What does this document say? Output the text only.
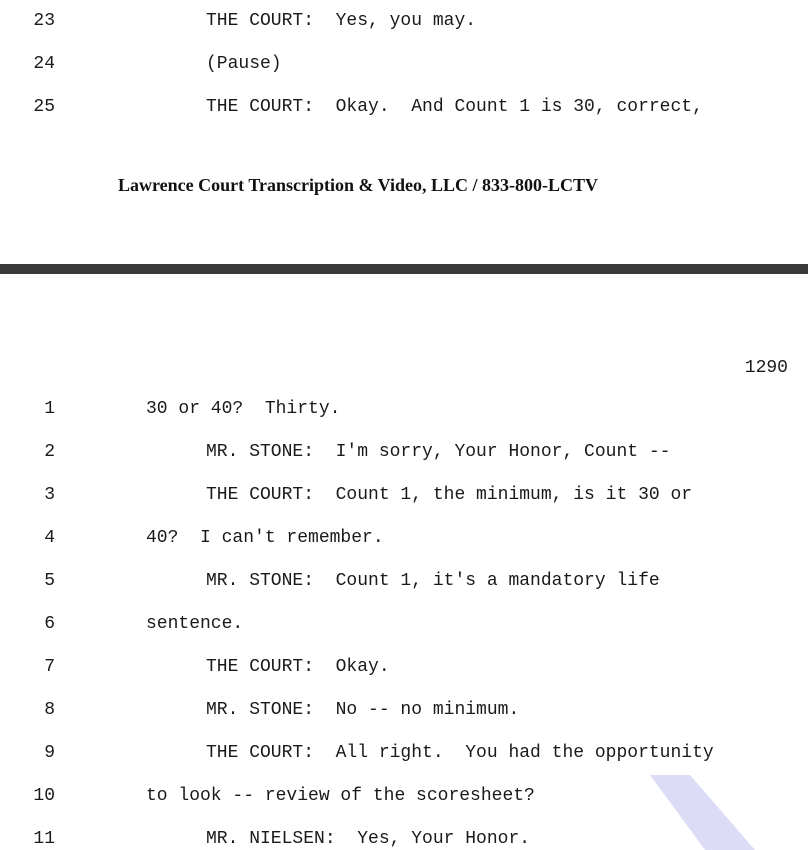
23	THE COURT:  Yes, you may.
24	(Pause)
25	THE COURT:  Okay.  And Count 1 is 30, correct,
Lawrence Court Transcription & Video, LLC / 833-800-LCTV
1290
1	30 or 40?  Thirty.
2	MR. STONE:  I'm sorry, Your Honor, Count --
3	THE COURT:  Count 1, the minimum, is it 30 or
4	40?  I can't remember.
5	MR. STONE:  Count 1, it's a mandatory life
6	sentence.
7	THE COURT:  Okay.
8	MR. STONE:  No -- no minimum.
9	THE COURT:  All right.  You had the opportunity
10	to look -- review of the scoresheet?
11	MR. NIELSEN:  Yes, Your Honor.
